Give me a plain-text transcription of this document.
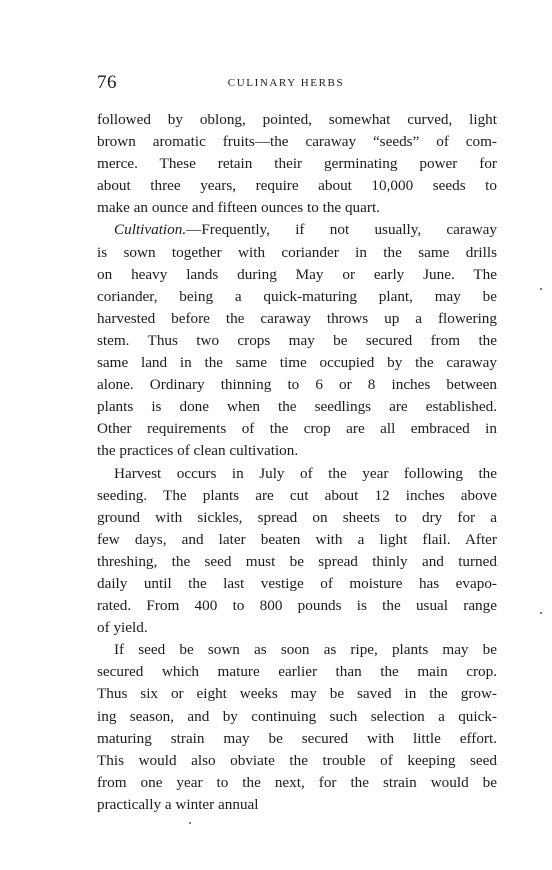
76	CULINARY HERBS

followed by oblong, pointed, somewhat curved, light
brown aromatic fruits—the caraway “seeds” of com-
merce. These retain their germinating power for
about three years, require about 10,000 seeds to
make an ounce and fifteen ounces to the quart.

Cultivation.—Frequently, if not usually, caraway
is sown together with coriander in the same drills
on heavy lands during May or early June. The
coriander, being a quick-maturing plant, may be
harvested before the caraway throws up a flowering
stem. Thus two crops may be secured from the
same land in the same time occupied by the caraway
alone. Ordinary thinning to 6 or 8 inches between
plants is done when the seedlings are established.
Other requirements of the crop are all embraced in
the practices of clean cultivation.

Harvest occurs in July of the year following the
seeding. The plants are cut about 12 inches above
ground with sickles, spread on sheets to dry for a
few days, and later beaten with a light flail. After
threshing, the seed must be spread thinly and turned
daily until the last vestige of moisture has evapo-
rated. From 400 to 800 pounds is the usual range
of yield.

If seed be sown as soon as ripe, plants may be
secured which mature earlier than the main crop.
Thus six or eight weeks may be saved in the grow-
ing season, and by continuing such selection a quick-
maturing strain may be secured with little effort.
This would also obviate the trouble of keeping seed
from one year to the next, for the strain would be
practically a winter annual
